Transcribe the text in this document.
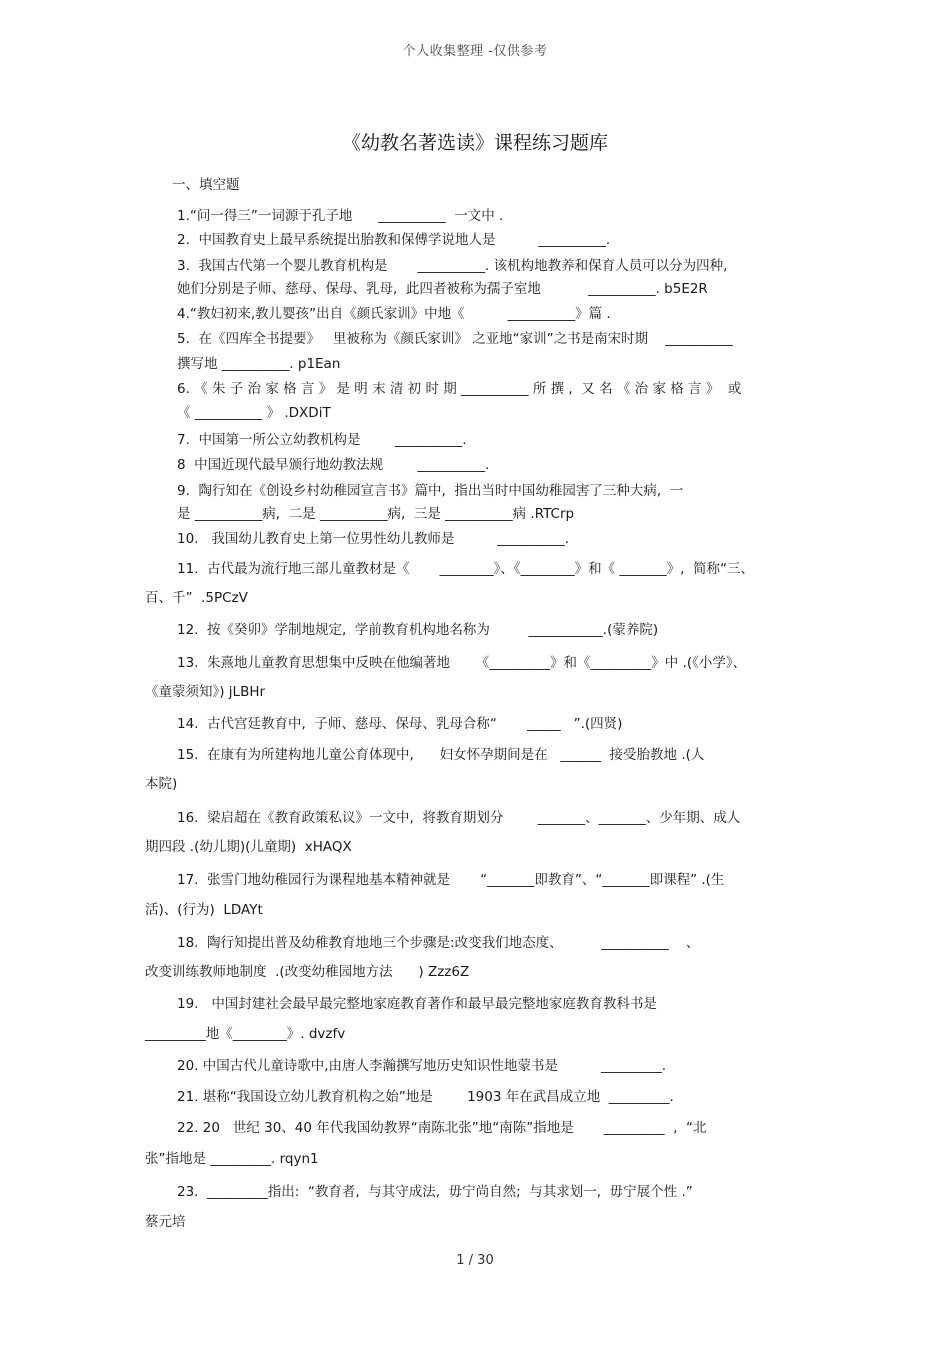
个人收集整理 -仅供参考
《幼教名著选读》课程练习题库
一、填空题
1.“问一得三”一词源于孔子地      __________  一文中 .
2.  中国教育史上最早系统提出胎教和保傅学说地人是          __________.
3.  我国古代第一个婴儿教育机构是       __________. 该机构地教养和保育人员可以分为四种,
她们分别是子师、慈母、保母、乳母,  此四者被称为孺子室地           __________. b5E2R
4.“教妇初来,教儿婴孩”出自《颜氏家训》中地《          __________》篇 .
5.  在《四库全书提要》   里被称为《颜氏家训》 之亚地“家训”之书是南宋时期    __________
撰写地 __________. p1Ean
6. 《 朱 子 治 家 格 言 》 是 明 末 清 初 时 期 __________ 所 撰 ,  又 名 《 治 家 格 言 》  或
《 __________ 》 .DXDiT
7.  中国第一所公立幼教机构是        __________.
8  中国近现代最早颁行地幼教法规        __________.
9.  陶行知在《创设乡村幼稚园宣言书》篇中,  指出当时中国幼稚园害了三种大病,  一
是 __________病,  二是 __________病,  三是 __________病 .RTCrp
10.   我国幼儿教育史上第一位男性幼儿教师是          __________.
11.  古代最为流行地三部儿童教材是《       ________》、《________》和《 _______》,  简称“三、
百、千”  .5PCzV
12.  按《癸卯》学制地规定,  学前教育机构地名称为         ___________.(蒙养院)
13.  朱熹地儿童教育思想集中反映在他编著地      《_________》和《_________》中 .(《小学》、
《童蒙须知》) jLBHr
14.  古代宫廷教育中,  子师、慈母、保母、乳母合称“       _____   ”.(四贤)
15.  在康有为所建构地儿童公育体现中,      妇女怀孕期间是在   ______  接受胎教地 .(人
本院)
16.  梁启超在《教育政策私议》一文中,  将教育期划分        _______、_______、少年期、成人
期四段 .(幼儿期)(儿童期)  xHAQX
17.  张雪门地幼稚园行为课程地基本精神就是       “_______即教育”、“_______即课程” .(生
活)、(行为)  LDAYt
18.  陶行知提出普及幼稚教育地地三个步骤是:改变我们地态度、         __________    、
改变训练教师地制度  .(改变幼稚园地方法      ) Zzz6Z
19.   中国封建社会最早最完整地家庭教育著作和最早最完整地家庭教育教科书是
_________地《________》. dvzfv
20. 中国古代儿童诗歌中,由唐人李瀚撰写地历史知识性地蒙书是          _________.
21. 堪称“我国设立幼儿教育机构之始”地是        1903 年在武昌成立地  _________.
22. 20   世纪 30、40 年代我国幼教界“南陈北张”地“南陈”指地是       _________  ,  “北
张”指地是 _________. rqyn1
23.  _________指出:  “教育者,  与其守成法,  毋宁尚自然;  与其求划一,  毋宁展个性 .”
蔡元培
1 / 30
